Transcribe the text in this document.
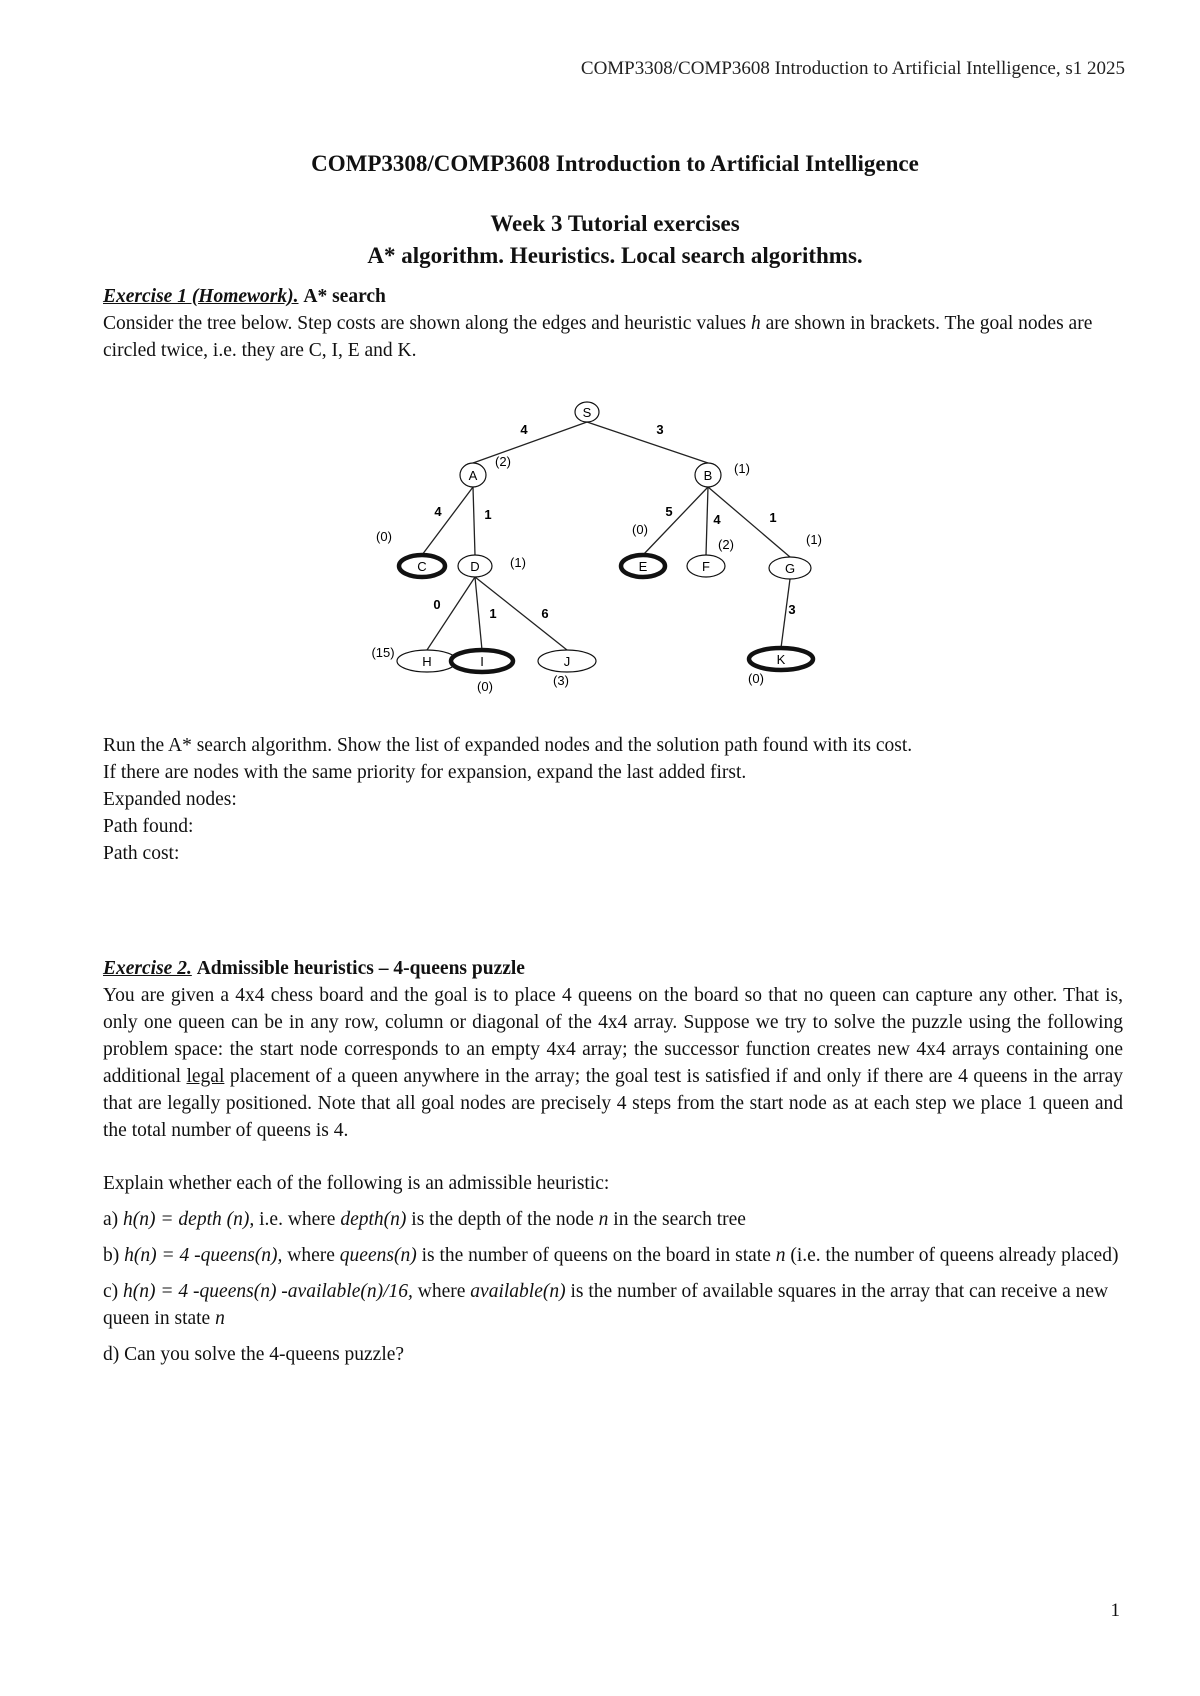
COMP3308/COMP3608 Introduction to Artificial Intelligence, s1 2025
COMP3308/COMP3608 Introduction to Artificial Intelligence
Week 3 Tutorial exercises
A* algorithm. Heuristics. Local search algorithms.

Exercise 1 (Homework). A* search

Consider the tree below. Step costs are shown along the edges and heuristic values h are shown in brackets. The goal nodes are circled twice, i.e. they are C, I, E and K.

S
A	B
C	D	E	F	G
H	I	J	K
4	3
4	1	5
4	1
0
1	6	3
(2)	(1)
(0)
(1)
(0)
(2)	(1)
(15)
(0)	(3)	(0)

Run the A* search algorithm. Show the list of expanded nodes and the solution path found with its cost.

If there are nodes with the same priority for expansion, expand the last added first.

Expanded nodes:

Path found:

Path cost:

Exercise 2. Admissible heuristics – 4-queens puzzle

You are given a 4x4 chess board and the goal is to place 4 queens on the board so that no queen can capture any other. That is, only one queen can be in any row, column or diagonal of the 4x4 array. Suppose we try to solve the puzzle using the following problem space: the start node corresponds to an empty 4x4 array; the successor function creates new 4x4 arrays containing one additional legal placement of a queen anywhere in the array; the goal test is satisfied if and only if there are 4 queens in the array that are legally positioned. Note that all goal nodes are precisely 4 steps from the start node as at each step we place 1 queen and the total number of queens is 4.

Explain whether each of the following is an admissible heuristic:

a) h(n) = depth (n), i.e. where depth(n) is the depth of the node n in the search tree

b) h(n) = 4 -queens(n), where queens(n) is the number of queens on the board in state n (i.e. the number of queens already placed)

c) h(n) = 4 -queens(n) -available(n)/16, where available(n) is the number of available squares in the array that can receive a new queen in state n

d) Can you solve the 4-queens puzzle?

1
